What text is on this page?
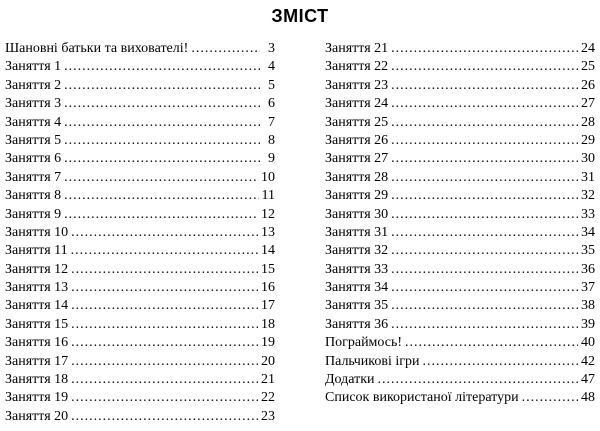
ЗМІСТ
Шановні батьки та вихователі! .....	3
Заняття 1 .....	4
Заняття 2 .....	5
Заняття 3 .....	6
Заняття 4 .....	7
Заняття 5 .....	8
Заняття 6 .....	9
Заняття 7 .....	10
Заняття 8 .....	11
Заняття 9 .....	12
Заняття 10 .....	13
Заняття 11 .....	14
Заняття 12 .....	15
Заняття 13 .....	16
Заняття 14 .....	17
Заняття 15 .....	18
Заняття 16 .....	19
Заняття 17 .....	20
Заняття 18 .....	21
Заняття 19 .....	22
Заняття 20 .....	23
Заняття 21 .....	24
Заняття 22 .....	25
Заняття 23 .....	26
Заняття 24 .....	27
Заняття 25 .....	28
Заняття 26 .....	29
Заняття 27 .....	30
Заняття 28 .....	31
Заняття 29 .....	32
Заняття 30 .....	33
Заняття 31 .....	34
Заняття 32 .....	35
Заняття 33 .....	36
Заняття 34 .....	37
Заняття 35 .....	38
Заняття 36 .....	39
Пограймось! .....	40
Пальчикові ігри .....	42
Додатки .....	47
Список використаної літератури .....	48
